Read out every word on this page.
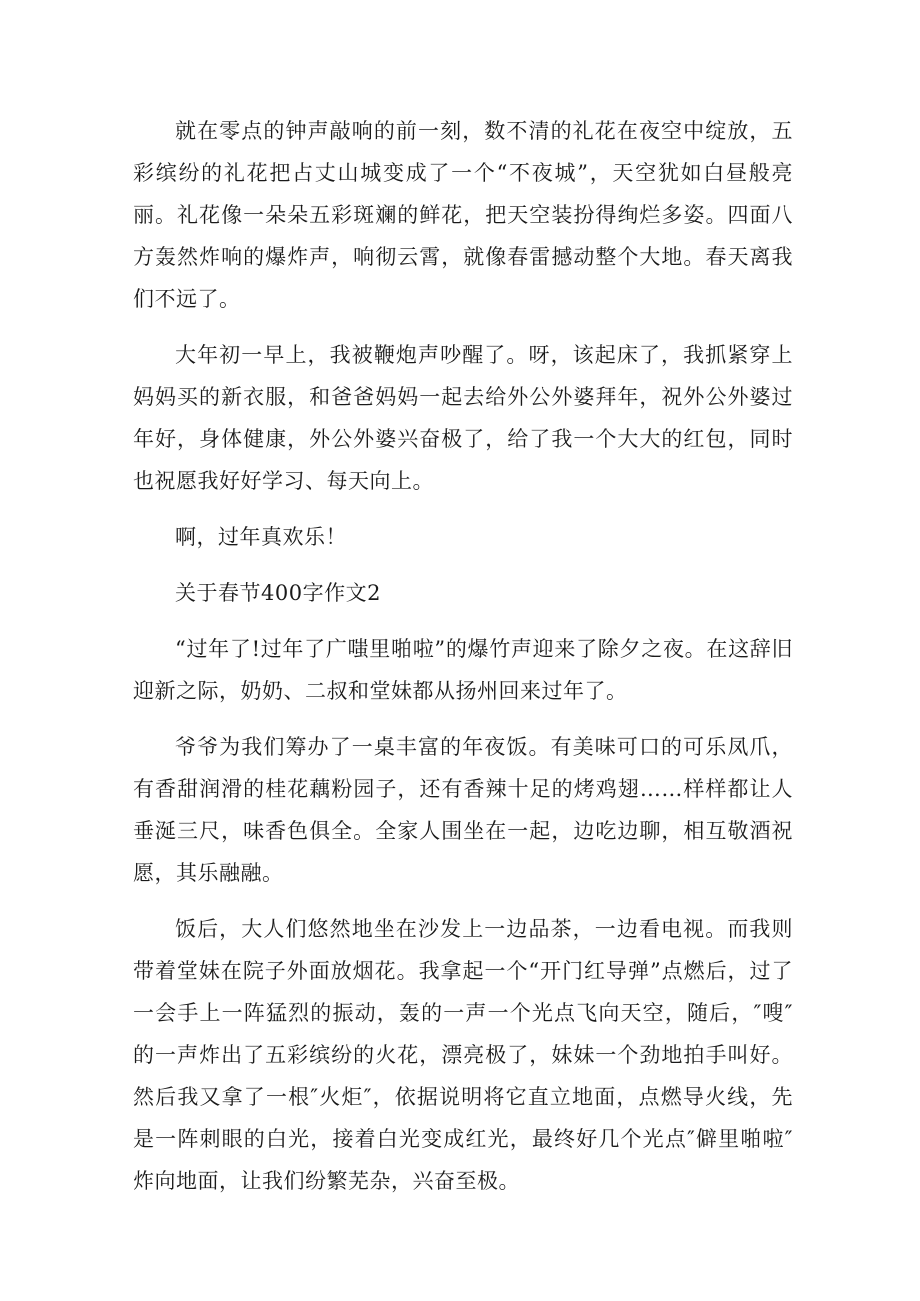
就在零点的钟声敲响的前一刻，数不清的礼花在夜空中绽放，五彩缤纷的礼花把占丈山城变成了一个“不夜城”，天空犹如白昼般亮丽。礼花像一朵朵五彩斑斓的鲜花，把天空装扮得绚烂多姿。四面八方轰然炸响的爆炸声，响彻云霄，就像春雷撼动整个大地。春天离我们不远了。

大年初一早上，我被鞭炮声吵醒了。呀，该起床了，我抓紧穿上妈妈买的新衣服，和爸爸妈妈一起去给外公外婆拜年，祝外公外婆过年好，身体健康，外公外婆兴奋极了，给了我一个大大的红包，同时也祝愿我好好学习、每天向上。

啊，过年真欢乐！

关于春节400字作文2

“过年了!过年了广嗤里啪啦”的爆竹声迎来了除夕之夜。在这辞旧迎新之际，奶奶、二叔和堂妹都从扬州回来过年了。

爷爷为我们筹办了一桌丰富的年夜饭。有美味可口的可乐凤爪，有香甜润滑的桂花藕粉园子，还有香辣十足的烤鸡翅……样样都让人垂涎三尺，味香色俱全。全家人围坐在一起，边吃边聊，相互敬酒祝愿，其乐融融。

饭后，大人们悠然地坐在沙发上一边品茶，一边看电视。而我则带着堂妹在院子外面放烟花。我拿起一个“开门红导弹”点燃后，过了一会手上一阵猛烈的振动，轰的一声一个光点飞向天空，随后，″嗖″的一声炸出了五彩缤纷的火花，漂亮极了，妹妹一个劲地拍手叫好。然后我又拿了一根″火炬″，依据说明将它直立地面，点燃导火线，先是一阵刺眼的白光，接着白光变成红光，最终好几个光点″僻里啪啦″炸向地面，让我们纷繁芜杂，兴奋至极。
